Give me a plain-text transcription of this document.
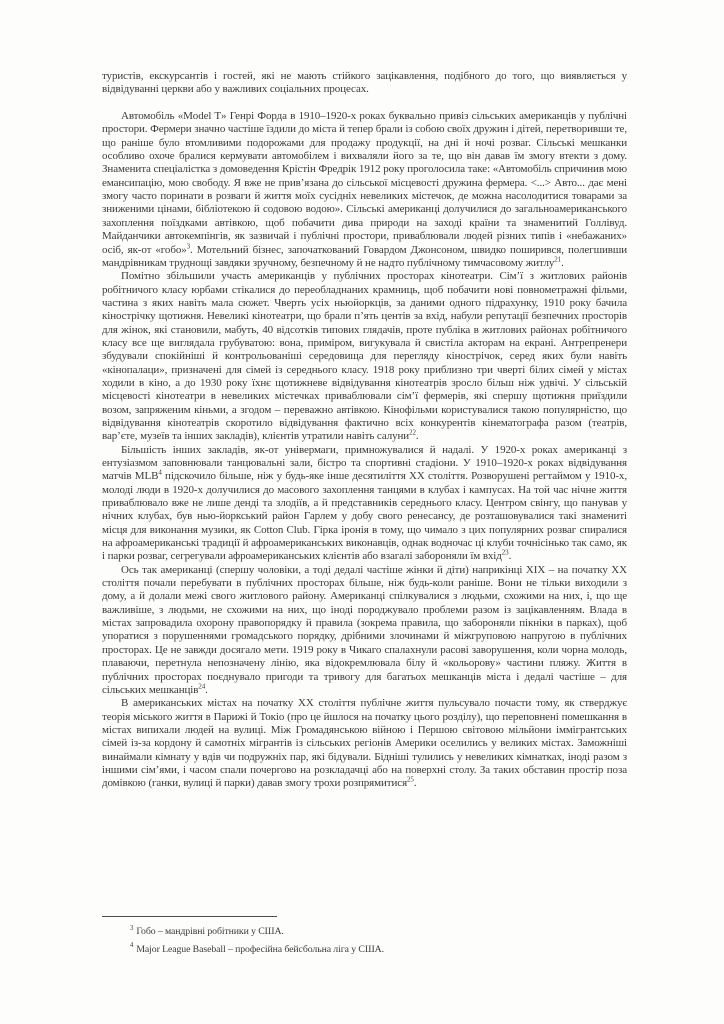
туристів, екскурсантів і гостей, які не мають стійкого зацікавлення, подібного до того, що виявляється у відвідуванні церкви або у важливих соціальних процесах.

Автомобіль «Model T» Генрі Форда в 1910–1920-х роках буквально привіз сільських американців у публічні простори. Фермери значно частіше їздили до міста й тепер брали із собою своїх дружин і дітей, перетворивши те, що раніше було втомливими подорожами для продажу продукції, на дні й ночі розваг. Сільські мешканки особливо охоче бралися кермувати автомобілем і вихваляли його за те, що він давав їм змогу втекти з дому. Знаменита спеціалістка з домоведення Крістін Фредрік 1912 року проголосила таке: «Автомобіль спричинив мою емансипацію, мою свободу. Я вже не прив’язана до сільської місцевості дружина фермера. <...> Авто... дає мені змогу часто поринати в розваги й життя моїх сусідніх невеликих містечок, де можна насолодитися товарами за зниженими цінами, бібліотекою й содовою водою». Сільські американці долучилися до загальноамериканського захоплення поїздками автівкою, щоб побачити дива природи на заході країни та знаменитий Голлівуд. Майданчики автокемпінгів, як зазвичай і публічні простори, приваблювали людей різних типів і «небажаних» осіб, як-от «гобо»$^3$. Мотельний бізнес, започаткований Говардом Джонсоном, швидко поширився, полегшивши мандрівникам труднощі завдяки зручному, безпечному й не надто публічному тимчасовому житлу$^{21}$.

Помітно збільшили участь американців у публічних просторах кінотеатри. Сім’ї з житлових районів робітничого класу юрбами стікалися до переобладнаних крамниць, щоб побачити нові повнометражні фільми, частина з яких навіть мала сюжет. Чверть усіх ньюйоркців, за даними одного підрахунку, 1910 року бачила кінострічку щотижня. Невеликі кінотеатри, що брали п’ять центів за вхід, набули репутації безпечних просторів для жінок, які становили, мабуть, 40 відсотків типових глядачів, проте публіка в житлових районах робітничого класу все ще виглядала грубуватою: вона, приміром, вигукувала й свистіла акторам на екрані. Антрепренери збудували спокійніші й контрольованіші середовища для перегляду кінострічок, серед яких були навіть «кінопалаци», призначені для сімей із середнього класу. 1918 року приблизно три чверті білих сімей у містах ходили в кіно, а до 1930 року їхнє щотижневе відвідування кінотеатрів зросло більш ніж удвічі. У сільській місцевості кінотеатри в невеликих містечках приваблювали сім’ї фермерів, які спершу щотижня приїздили возом, запряженим кіньми, а згодом – переважно автівкою. Кінофільми користувалися такою популярністю, що відвідування кінотеатрів скоротило відвідування фактично всіх конкурентів кінематографа разом (театрів, вар’єте, музеїв та інших закладів), клієнтів утратили навіть салуни$^{22}$.

Більшість інших закладів, як-от універмаги, примножувалися й надалі. У 1920-х роках американці з ентузіазмом заповнювали танцювальні зали, бістро та спортивні стадіони. У 1910–1920-х роках відвідування матчів MLB$^4$ підскочило більше, ніж у будь-яке інше десятиліття XX століття. Розворушені регтаймом у 1910-х, молоді люди в 1920-х долучилися до масового захоплення танцями в клубах і кампусах. На той час нічне життя приваблювало вже не лише денді та злодіїв, а й представників середнього класу. Центром свінгу, що панував у нічних клубах, був нью-йоркський район Гарлем у добу свого ренесансу, де розташовувалися такі знамениті місця для виконання музики, як Cotton Club. Гірка іронія в тому, що чимало з цих популярних розваг спиралися на афроамериканські традиції й афроамериканських виконавців, однак водночас ці клуби точнісінько так само, як і парки розваг, сегрегували афроамериканських клієнтів або взагалі забороняли їм вхід$^{23}$.

Ось так американці (спершу чоловіки, а тоді дедалі частіше жінки й діти) наприкінці XIX – на початку XX століття почали перебувати в публічних просторах більше, ніж будь-коли раніше. Вони не тільки виходили з дому, а й долали межі свого житлового району. Американці спілкувалися з людьми, схожими на них, і, що ще важливіше, з людьми, не схожими на них, що іноді породжувало проблеми разом із зацікавленням. Влада в містах запровадила охорону правопорядку й правила (зокрема правила, що забороняли пікніки в парках), щоб упоратися з порушеннями громадського порядку, дрібними злочинами й міжгруповою напругою в публічних просторах. Це не завжди досягало мети. 1919 року в Чикаго спалахнули расові заворушення, коли чорна молодь, плаваючи, перетнула непозначену лінію, яка відокремлювала білу й «кольорову» частини пляжу. Життя в публічних просторах поєднувало пригоди та тривогу для багатьох мешканців міста і дедалі частіше – для сільських мешканців$^{24}$.

В американських містах на початку XX століття публічне життя пульсувало почасти тому, як стверджує теорія міського життя в Парижі й Токіо (про це йшлося на початку цього розділу), що переповнені помешкання в містах випихали людей на вулиці. Між Громадянською війною і Першою світовою мільйони іммігрантських сімей із-за кордону й самотніх мігрантів із сільських регіонів Америки оселились у великих містах. Заможніші винаймали кімнату у вдів чи подружніх пар, які бідували. Бідніші тулились у невеликих кімнатках, іноді разом з іншими сім’ями, і часом спали почергово на розкладачці або на поверхні столу. За таких обставин простір поза домівкою (ганки, вулиці й парки) давав змогу трохи розпрямитися$^{25}$.

$^3$ Гобо – мандрівні робітники у США.

$^4$ Major League Baseball – професійна бейсбольна ліга у США.
